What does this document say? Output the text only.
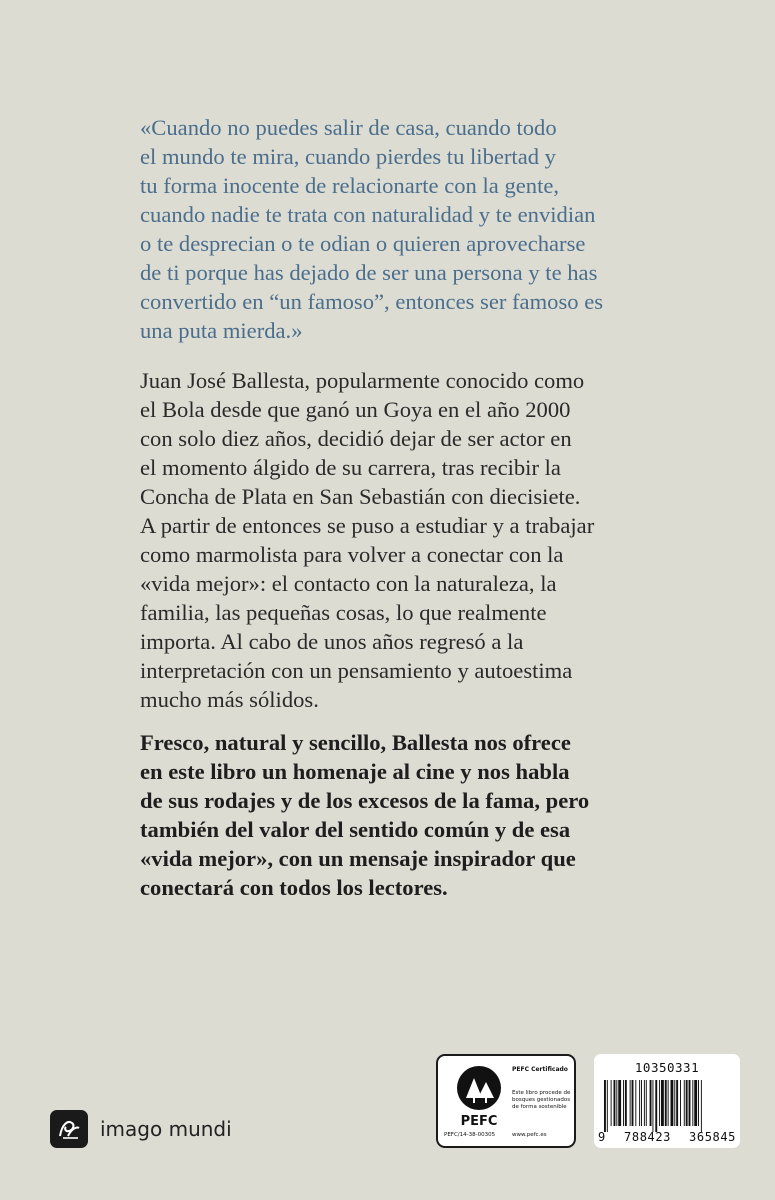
«Cuando no puedes salir de casa, cuando todo
el mundo te mira, cuando pierdes tu libertad y
tu forma inocente de relacionarte con la gente,
cuando nadie te trata con naturalidad y te envidian
o te desprecian o te odian o quieren aprovecharse
de ti porque has dejado de ser una persona y te has
convertido en “un famoso”, entonces ser famoso es
una puta mierda.»

Juan José Ballesta, popularmente conocido como
el Bola desde que ganó un Goya en el año 2000
con solo diez años, decidió dejar de ser actor en
el momento álgido de su carrera, tras recibir la
Concha de Plata en San Sebastián con diecisiete.
A partir de entonces se puso a estudiar y a trabajar
como marmolista para volver a conectar con la
«vida mejor»: el contacto con la naturaleza, la
familia, las pequeñas cosas, lo que realmente
importa. Al cabo de unos años regresó a la
interpretación con un pensamiento y autoestima
mucho más sólidos.

Fresco, natural y sencillo, Ballesta nos ofrece
en este libro un homenaje al cine y nos habla
de sus rodajes y de los excesos de la fama, pero
también del valor del sentido común y de esa
«vida mejor», con un mensaje inspirador que
conectará con todos los lectores.

imago mundi	PEFC
PEFC/14-38-00305
PEFC Certificado
Este libro procede de
bosques gestionados
de forma sostenible
www.pefc.es
10350331
9 788423 365845
